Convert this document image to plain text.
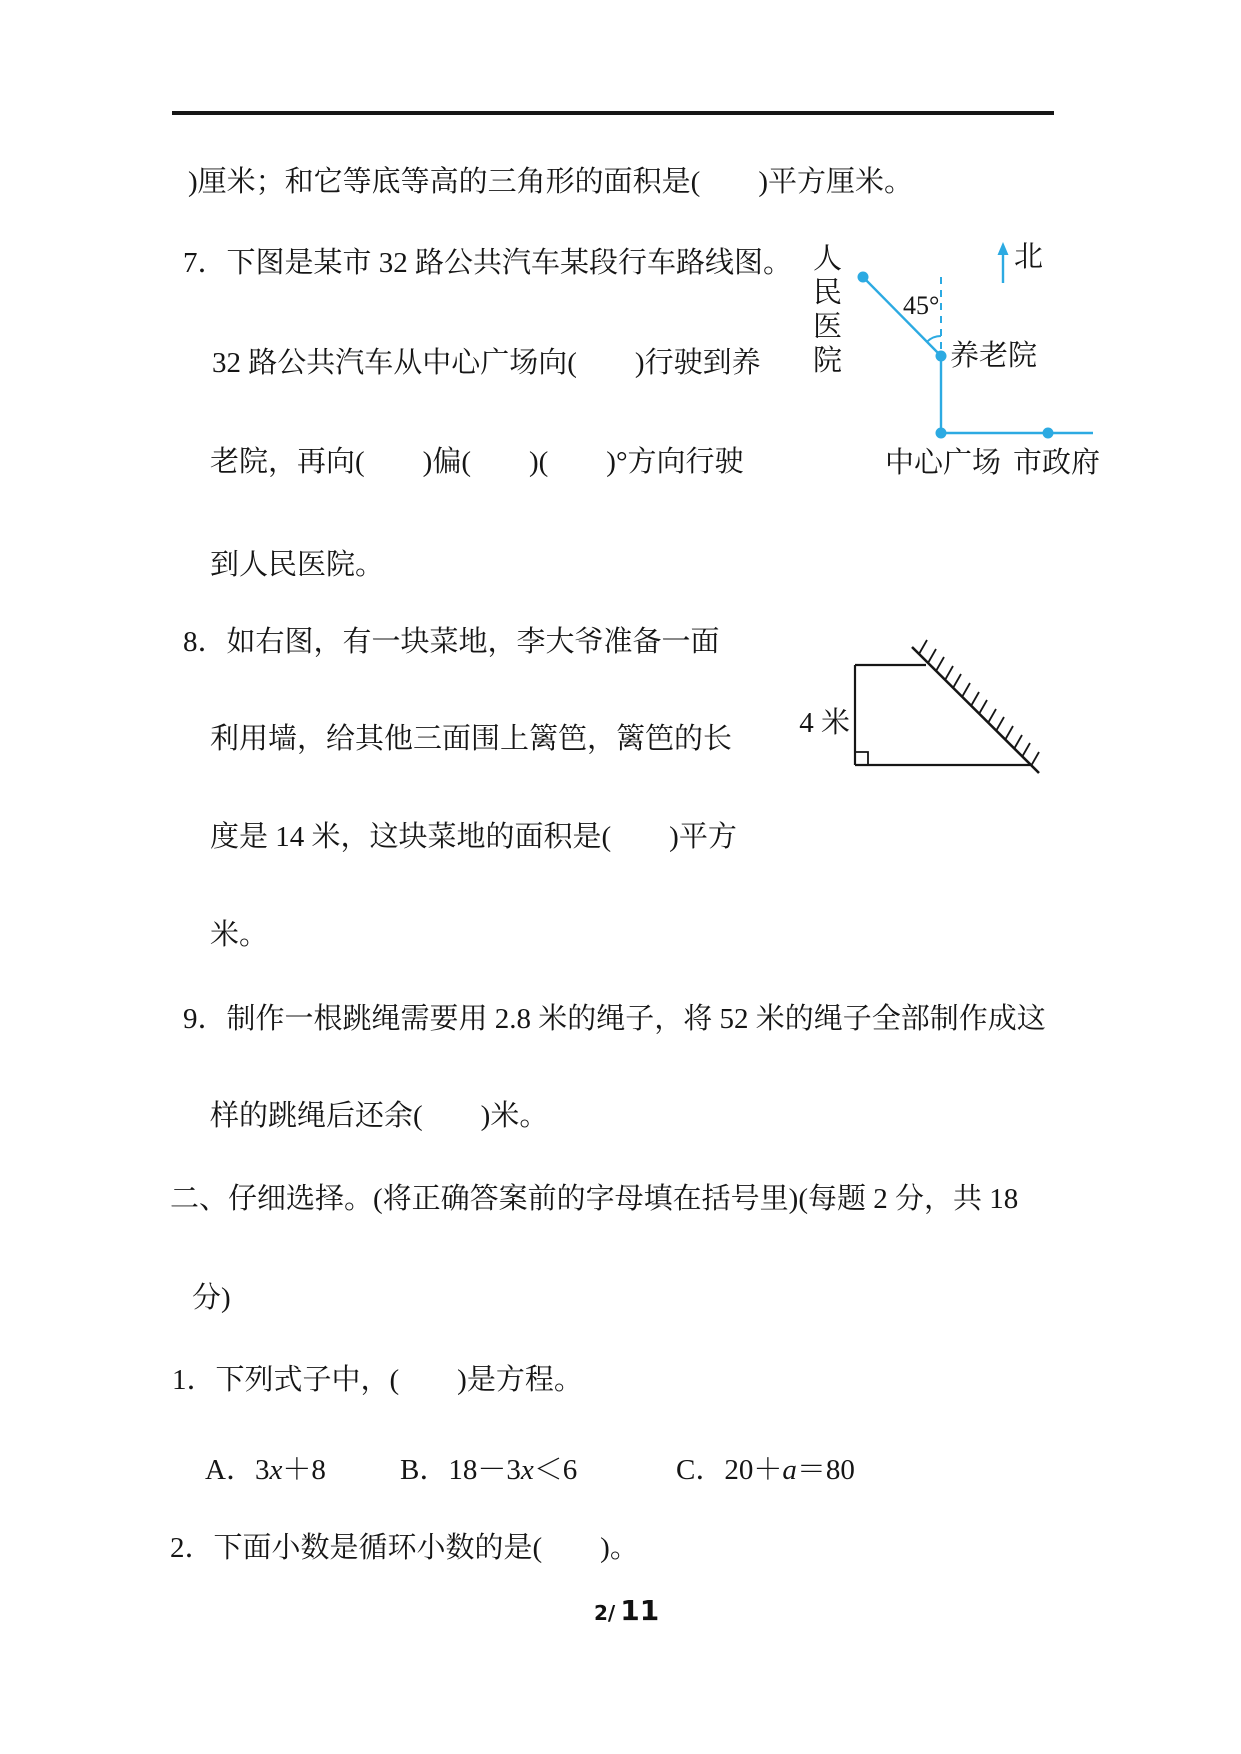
)厘米；和它等底等高的三角形的面积是(　　)平方厘米。
7．下图是某市 32 路公共汽车某段行车路线图。
32 路公共汽车从中心广场向(　　)行驶到养
老院，再向(　　)偏(　　)(　　)°方向行驶
到人民医院。
8．如右图，有一块菜地，李大爷准备一面
利用墙，给其他三面围上篱笆，篱笆的长
度是 14 米，这块菜地的面积是(　　)平方
米。
9．制作一根跳绳需要用 2.8 米的绳子，将 52 米的绳子全部制作成这
样的跳绳后还余(　　)米。
二、仔细选择。(将正确答案前的字母填在括号里)(每题 2 分，共 18
分)
1．下列式子中，(　　)是方程。
A．3x＋8	B．18－3x＜6	C．20＋a＝80
2．下面小数是循环小数的是(　　)。
人民医院
45°
北
养老院
中心广场 市政府
4 米
2/ 11
